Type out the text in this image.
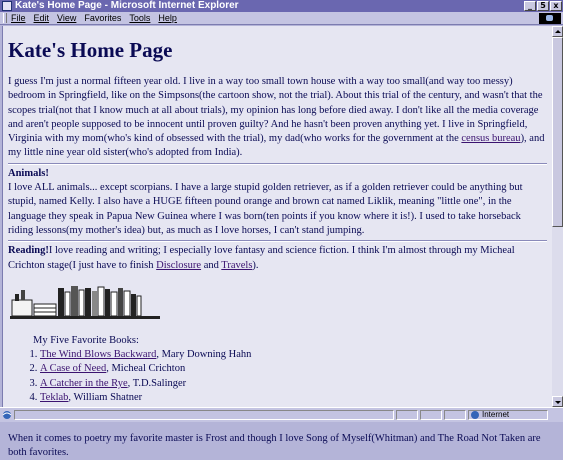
Kate's Home Page - Microsoft Internet Explorer	_	5 x
File Edit View Favorites Tools Help
Kate's Home Page

I guess I'm just a normal fifteen year old. I live in a way too small town house with a way too small(and way too messy) bedroom in Springfield, like on the Simpsons(the cartoon show, not the trial). About this trial of the century, and wasn't that the scopes trial(not that I know much at all about trials), my opinion has long before died away. I don't like all the media coverage and aren't people supposed to be innocent until proven guilty? And he hasn't been proven anything yet. I live in Springfield, Virginia with my mom(who's kind of obsessed with the trial), my dad(who works for the government at the census bureau), and my little nine year old sister(who's adopted from India).

Animals!
I love ALL animals... except scorpians. I have a large stupid golden retriever, as if a golden retriever could be anything but stupid, named Kelly. I also have a HUGE fifteen pound orange and brown cat named Liklik, meaning "little one", in the language they speak in Papua New Guinea where I was born(ten points if you know where it is!). I used to take horseback riding lessons(my mother's idea) but, as much as I love horses, I can't stand jumping.

Reading!I love reading and writing; I especially love fantasy and science fiction. I think I'm almost through my Micheal Crichton stage(I just have to finish Disclosure and Travels).

My Five Favorite Books:

1. The Wind Blows Backward, Mary Downing Hahn
2. A Case of Need, Micheal Crichton
3. A Catcher in the Rye, T.D.Salinger
4. Teklab, William Shatner
5.

When it comes to poetry my favorite master is Frost and though I love Song of Myself(Whitman) and The Road Not Taken are both favorites.

Internet
